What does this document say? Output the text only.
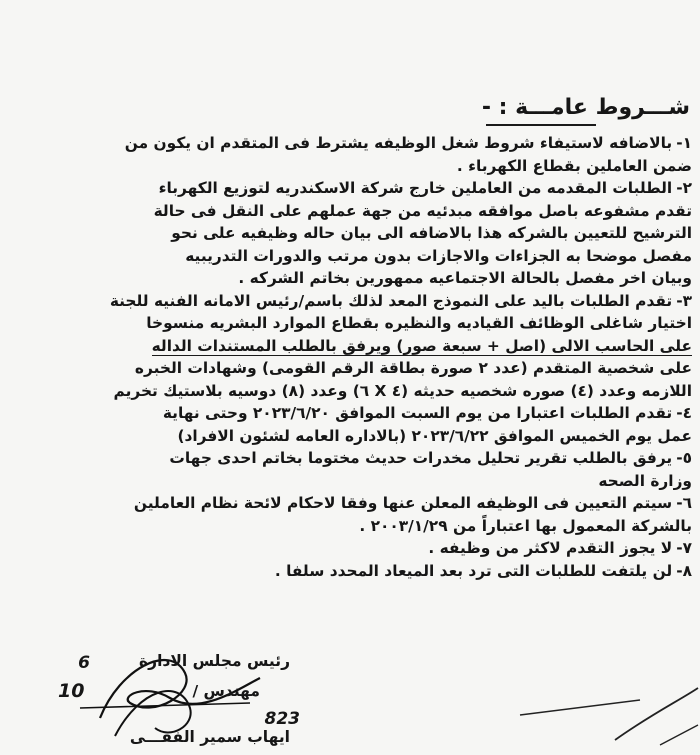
شـــروط عامـــة : -

١-بالاضافه لاستيفاء شروط شغل الوظيفه يشترط فى المتقدم ان يكون من

ضمن العاملين بقطاع الكهرباء .

٢-الطلبات المقدمه من العاملين خارج شركة الاسكندريه لتوزيع الكهرباء

تقدم مشفوعه باصل موافقه مبدئيه من جهة عملهم على النقل فى حالة

الترشيح للتعيين بالشركه هذا بالاضافه الى بيان حاله وظيفيه على نحو

مفصل موضحا به الجزاءات والاجازات بدون مرتب والدورات التدريبيه

وبيان اخر مفصل بالحالة الاجتماعيه ممهورين بخاتم الشركه .

٣-تقدم الطلبات باليد على النموذج المعد لذلك باسم/رئيس الامانه الفنيه للجنة

اختيار شاغلى الوظائف القياديه والنظيره بقطاع الموارد البشريه منسوخا

على الحاسب الالى (اصل + سبعة صور) ويرفق بالطلب المستندات الداله

على شخصية المتقدم (عدد ٢ صورة بطاقة الرقم القومى) وشهادات الخبره

اللازمه وعدد (٤) صوره شخصيه حديثه (٤ X ٦) وعدد (٨) دوسيه بلاستيك تخريم

٤-تقدم الطلبات اعتبارا من يوم السبت الموافق ٢٠٢٣/٦/٢٠ وحتى نهاية

عمل يوم الخميس الموافق ٢٠٢٣/٦/٢٢ (بالاداره العامه لشئون الافراد)

٥-يرفق بالطلب تقرير تحليل مخدرات حديث مختوما بخاتم احدى جهات

وزارة الصحه

٦-سيتم التعيين فى الوظيفه المعلن عنها وفقا لاحكام لائحة نظام العاملين

بالشركة المعمول بها اعتباراً من ٢٠٠٣/١/٢٩ .

٧-لا يجوز التقدم لاكثر من وظيفه .

٨-لن يلتفت للطلبات التى ترد بعد الميعاد المحدد سلفا .

6	رئيس مجلس الادارة
10	مهندس /
823
ايهاب سمير الفقـــى
